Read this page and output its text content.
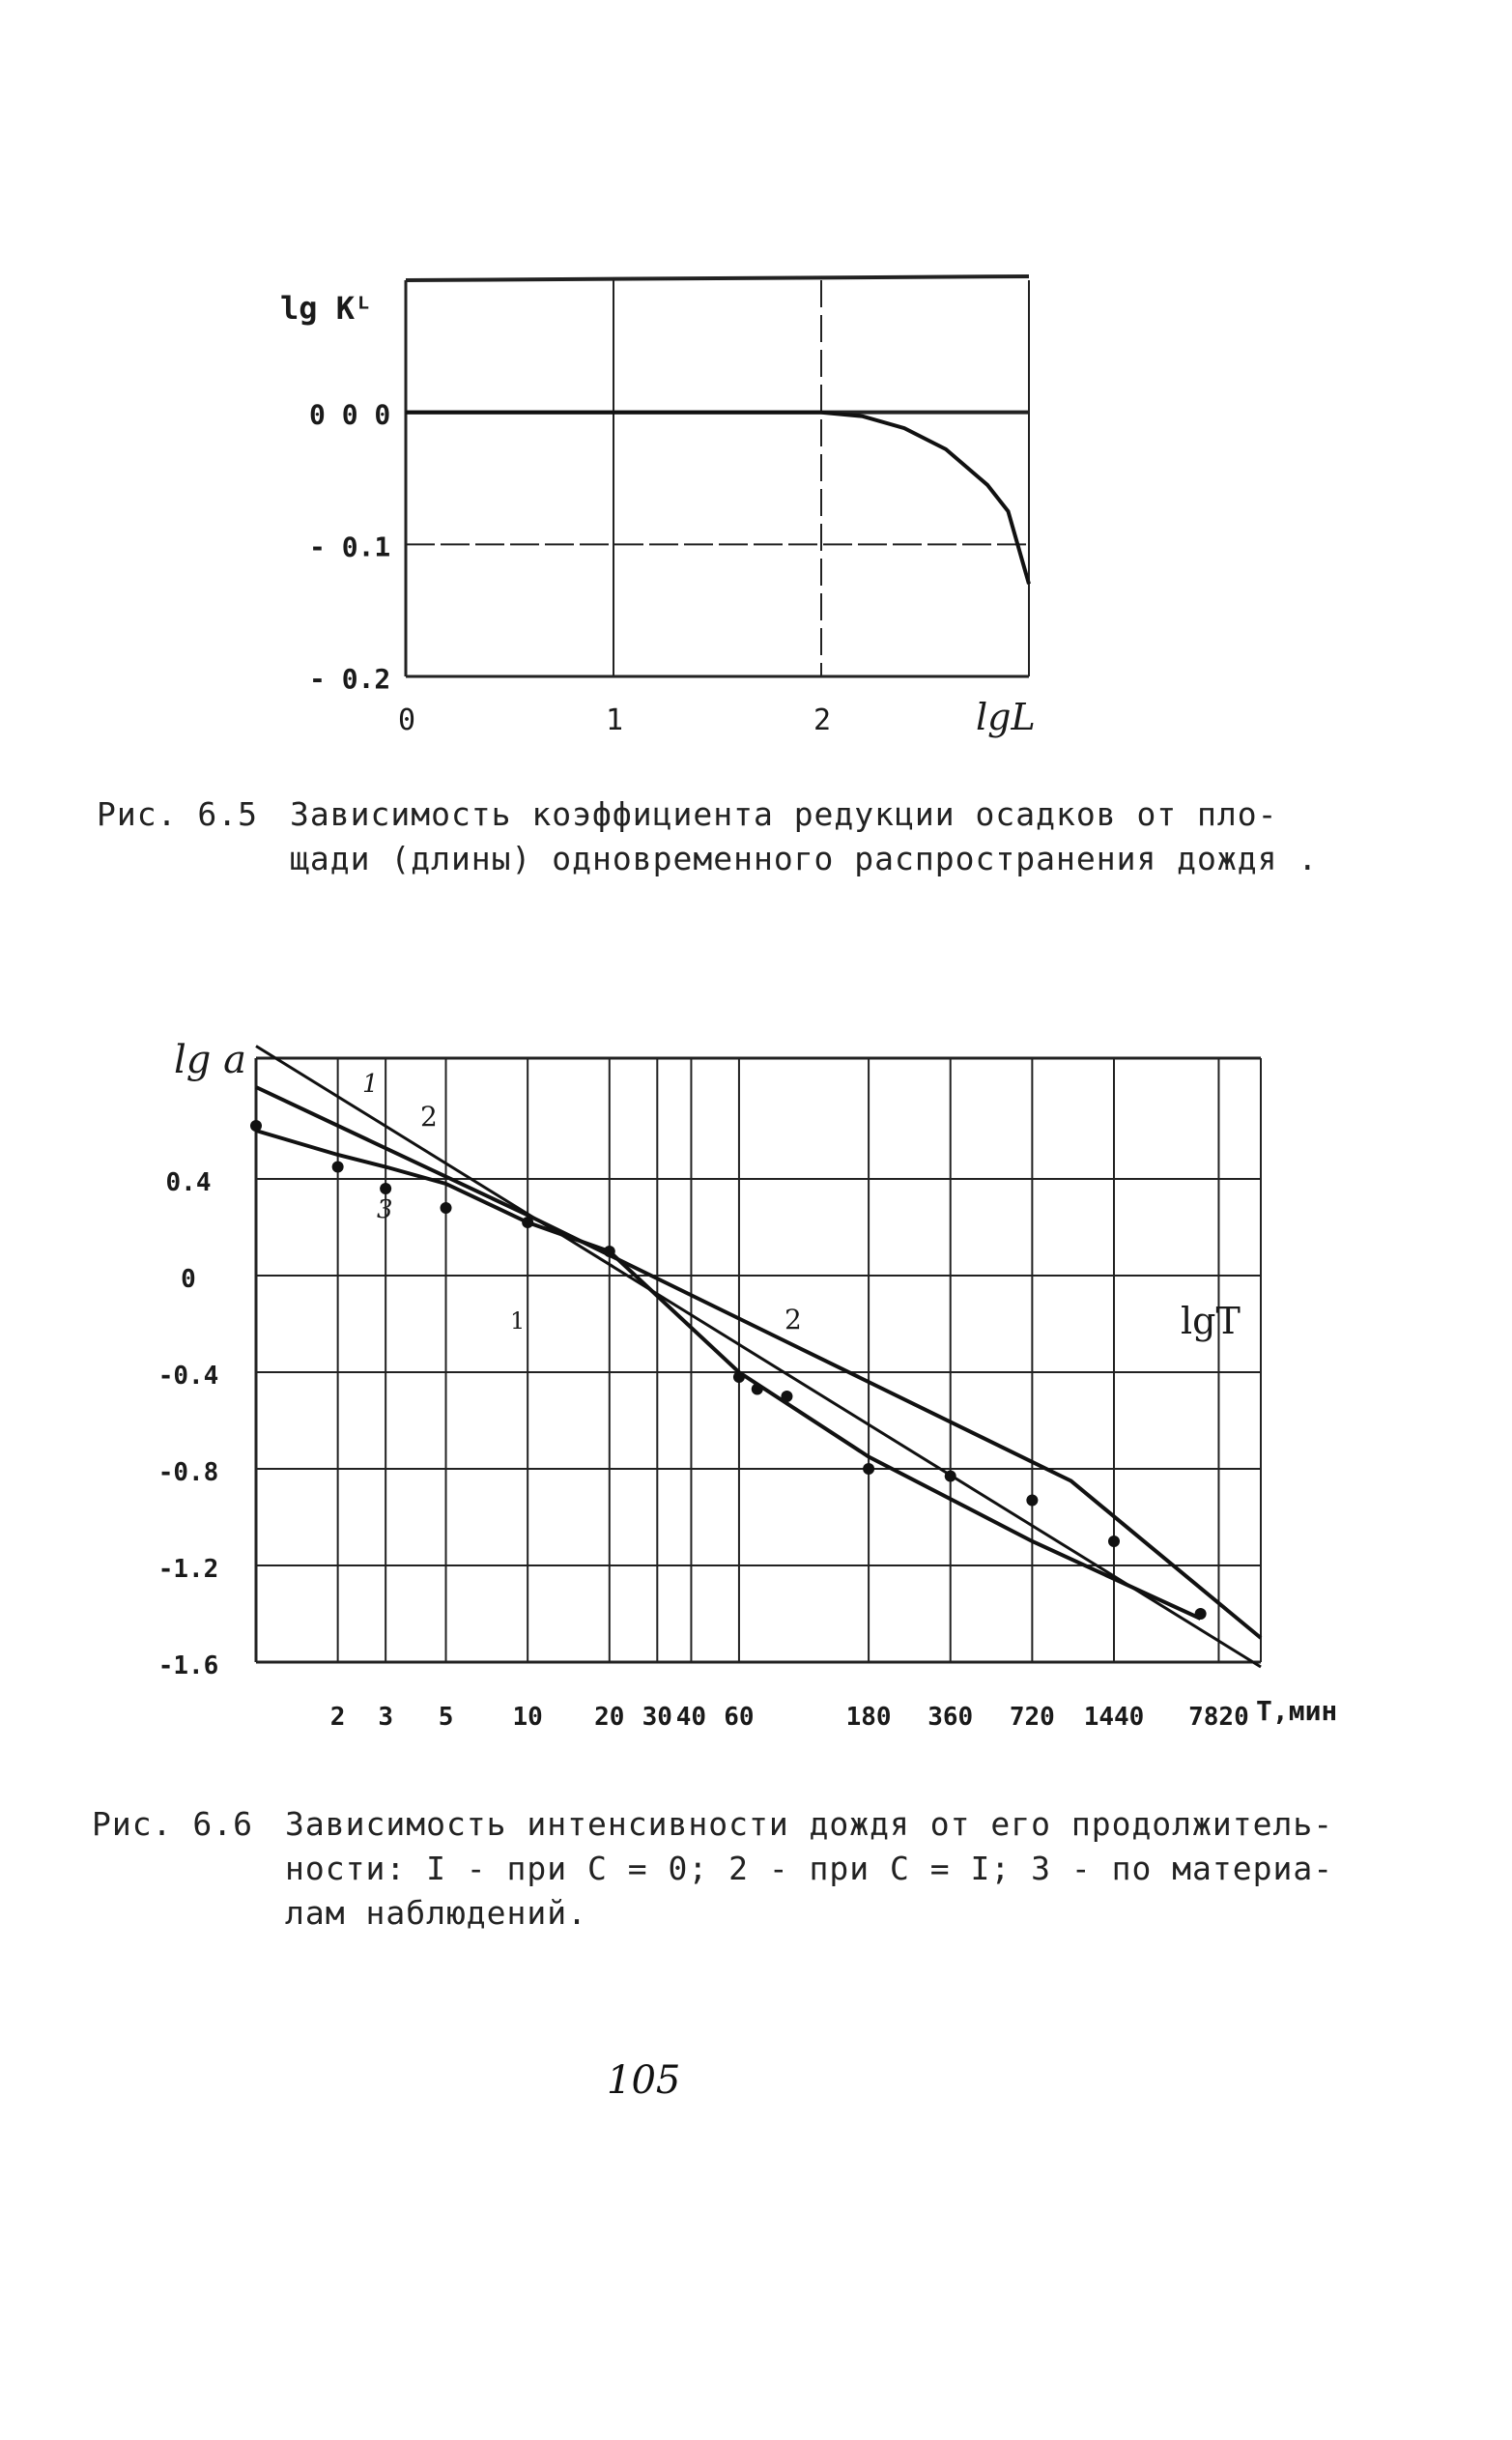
lg Kᴸ
0 0 0
- 0.1
- 0.2
0	1	2	lgL
Рис. 6.5 Зависимость коэффициента редукции осадков от пло-
щади (длины) одновременного распространения дождя .
lg a
lgT
0.4
0
-0.4
-0.8
-1.2
-1.6
2 3 5 10 20 30 40 60	180 360 720 1440 7820 T,мин
1
2
3
1	2
Рис. 6.6 Зависимость интенсивности дождя от его продолжитель-
ности: I - при C = 0; 2 - при C = I; 3 - по материа-
лам наблюдений.
105
